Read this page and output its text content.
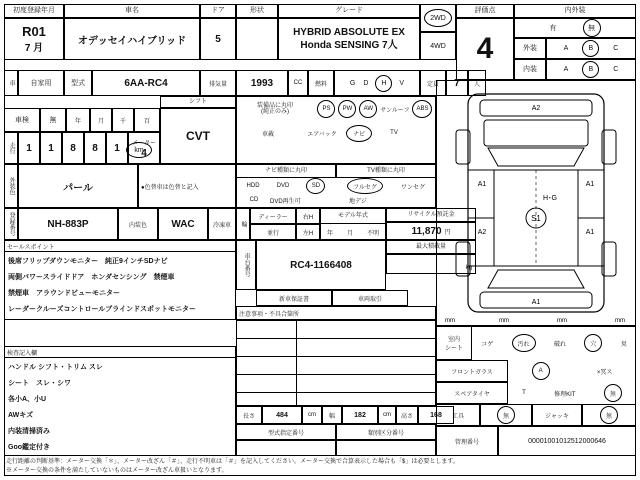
初度登録年月
R01
7 月
車名
オデッセイハイブリッド
ドア
5
形状	グレード
HYBRID ABSOLUTE EX
Honda SENSING 7人
2WD
4WD
評価点
4
内外装
有	無
外装	A	B	C
内装	A	B	C
車	自家用	型式	6AA-RC4	排気量 1993	CC 燃料	G D	H	V	定員 7 人
シフト
CVT
車検	無	年	月	千	百
走行	1 1 8 8 1 メーター
4
km
外装色	パール	●色替車は色替と記入
装備品に丸印
(純正のみ)	PS	PW	AW	サンルーフ	ABS
車載	エアバック	ナビ	TV
ナビ種類に丸印	TV種類に丸印
HDD	DVD	SD
CD	DVD再生可
フルセグ	ワンセグ
地デジ
登録番号	NH-883P	内装色 WAC	冷凍車	輪
ディーラー
並行
右H
左H
モデル年式
年 月 不明
リサイクル預託金
11,870 円
最大積載量
kg
車台番号	RC4-1166408
新車保証書	車両取引
注意事項・不具合箇所
セールスポイント
後席フリップダウンモニター　純正9インチSDナビ
両側パワースライドドア　ホンダセンシング　禁煙車
禁煙車　アラウンドビューモニター
レーダークルーズコントロールブラインドスポットモニター
検査記入欄
ハンドル シフト・トリム スレ
シート　スレ・シワ
各小A、小U
AWキズ
内装清掃済み
Goo鑑定付き
長さ	484	cm 幅	182	cm 高さ 168
型式指定番号	類別区分番号
S1
H･G
A2
A1	A1
A2	A1
A1
mm	mm	mm	mm
室内
シート
コゲ	汚れ	破れ	穴	臭
フロントガラス	A	×冥ス
スペアタイヤ	T	修理KIT	無
工具	無	ジャッキ	無
管理番号	00001001012512000646
走行距離の判断基準：メーター交換「＊」、メーター改ざん「＃」、走行不明車は「＃」を記入してください。メーター交換で合算表示した場合も「$」は必要とします。
※メーター交換の条件を満たしていないものはメーター改ざん車扱いとなります。
